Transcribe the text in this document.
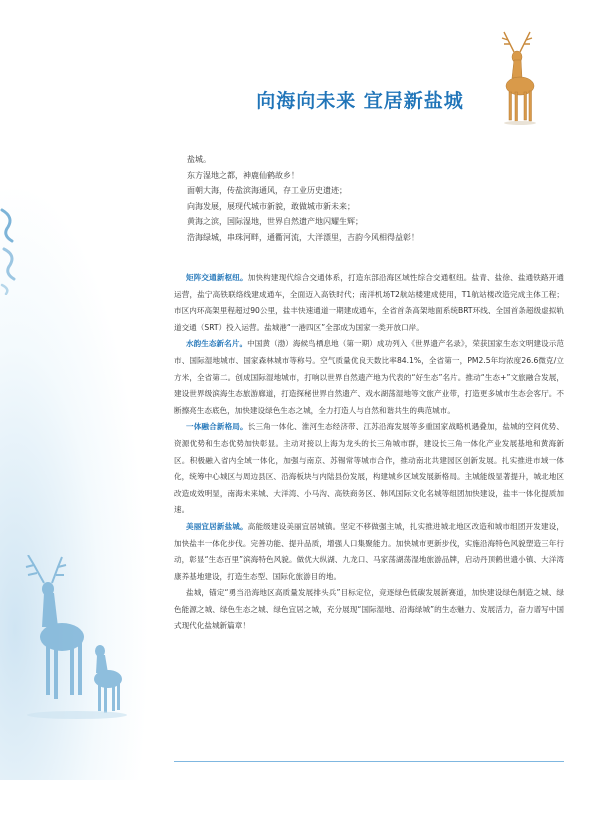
向海向未来 宜居新盐城
盐城。
东方湿地之都，神鹿仙鹤故乡！
面朝大海，传盐滨海通风，存工业历史遗迹；
向海发展，展现代城市新貌，敢做城市新未来；
黄海之滨，国际湿地，世界自然遗产地闪耀生辉；
浩海绿城，串珠河畔，通衢河流，大洋漂里，吉韵今风相得益彰！

矩阵交通新枢纽。加快构建现代综合交通体系，打造东部沿海区域性综合交通枢纽。盐青、盐徐、盐通铁路开通运营，盐宁高铁联络线建成通车，全面迈入高铁时代；南洋机场T2航站楼建成使用，T1航站楼改造完成主体工程；市区内环高架里程超过90公里，盐丰快速通道一期建成通车，全省首条高架地面系统BRT环线、全国首条超级虚拟轨道交通（SRT）投入运营。盐城港“一港四区”全部成为国家一类开放口岸。

水韵生态新名片。中国黄（渤）海候鸟栖息地（第一期）成功列入《世界遗产名录》，荣获国家生态文明建设示范市、国际湿地城市、国家森林城市等称号。空气质量优良天数比率84.1%，全省第一，PM2.5年均浓度26.6微克/立方米，全省第二。创成国际湿地城市，打响以世界自然遗产地为代表的“好生态”名片。推动“生态+”文旅融合发展，建设世界级滨海生态旅游廊道，打造探秘世界自然遗产、戏水湖荡湿地等文旅产业带，打造更多城市生态会客厅。不断擦亮生态底色，加快建设绿色生态之城，全力打造人与自然和谐共生的典范城市。

一体融合新格局。长三角一体化、淮河生态经济带、江苏沿海发展等多重国家战略机遇叠加，盐城的空间优势、资源优势和生态优势加快彰显。主动对接以上海为龙头的长三角城市群，建设长三角一体化产业发展基地和黄海新区。积极融入省内全域一体化，加强与南京、苏锡常等城市合作，推动南北共建园区创新发展。扎实推进市域一体化，统筹中心城区与周边县区、沿海板块与内陆县份发展，构建城乡区域发展新格局。主城能级显著提升，城北地区改造成效明显，南海未来城、大洋湾、小马沟、高铁商务区、韩风国际文化名城等组团加快建设，盐丰一体化提质加速。

美丽宜居新盐城。高能级建设美丽宜居城镇。坚定不移做强主城，扎实推进城北地区改造和城市组团开发建设，加快盐丰一体化步伐。完善功能、提升品质，增强人口集聚能力。加快城市更新步伐，实施沿海特色风貌塑造三年行动，彰显“生态百里”滨海特色风貌。做优大纵湖、九龙口、马家荡湖荡湿地旅游品牌，启动丹顶鹤世遗小镇、大洋湾康养基地建设，打造生态型、国际化旅游目的地。

盐城，锚定“勇当沿海地区高质量发展排头兵”目标定位，竞逐绿色低碳发展新赛道，加快建设绿色制造之城、绿色能源之城、绿色生态之城、绿色宜居之城，充分展现“国际湿地、沿海绿城”的生态魅力、发展活力，奋力谱写中国式现代化盐城新篇章！
